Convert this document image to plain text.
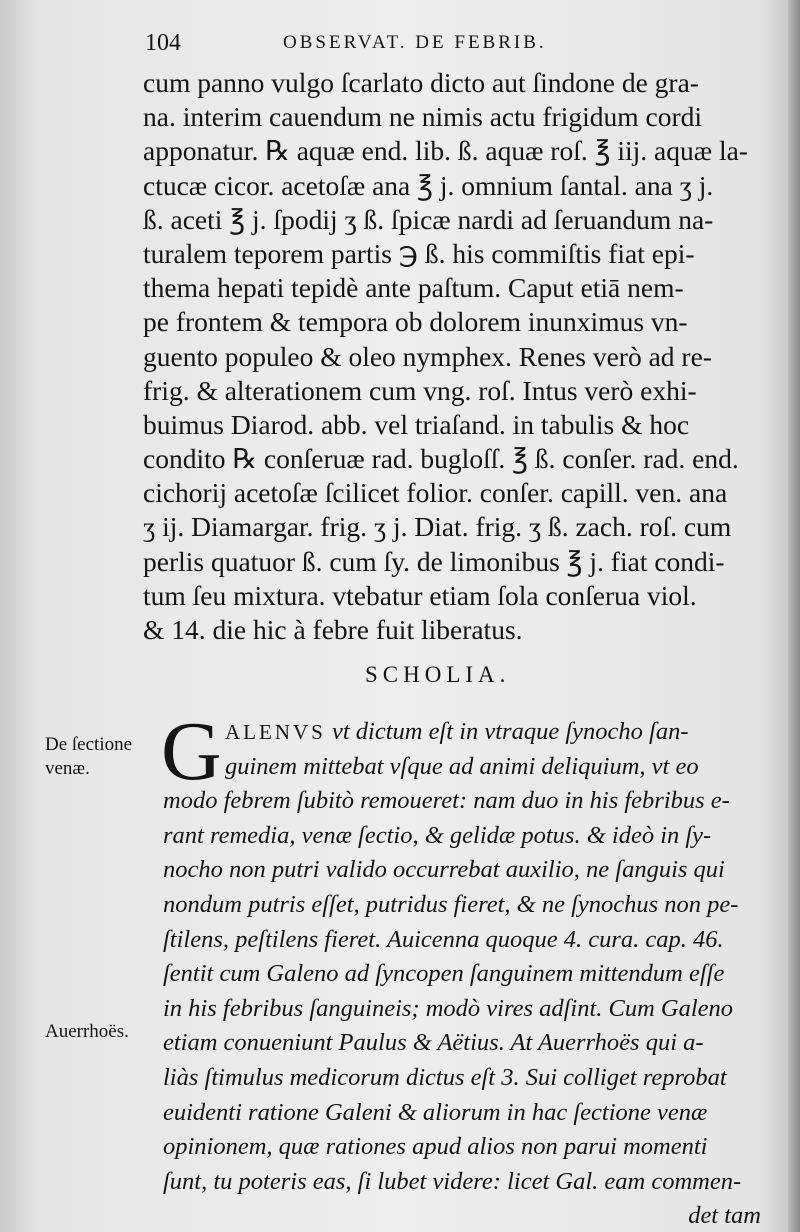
104	OBSERVAT. DE FEBRIB.
cum panno vulgo ſcarlato dicto aut ſindone de gra-
na. interim cauendum ne nimis actu frigidum cordi
apponatur. ℞ aquæ end. lib. ß. aquæ roſ. ℥ iij. aquæ la-
ctucæ cicor. acetoſæ ana ℥ j. omnium ſantal. ana ʒ j.
ß. aceti ℥ j. ſpodij ʒ ß. ſpicæ nardi ad ſeruandum na-
turalem teporem partis ℈ ß. his commiſtis fiat epi-
thema hepati tepidè ante paſtum. Caput etiā nem-
pe frontem & tempora ob dolorem inunximus vn-
guento populeo & oleo nymphex. Renes verò ad re-
frig. & alterationem cum vng. roſ. Intus verò exhi-
buimus Diarod. abb. vel triaſand. in tabulis & hoc
condito ℞ conſeruæ rad. bugloſſ. ℥ ß. conſer. rad. end.
cichorij acetoſæ ſcilicet folior. conſer. capill. ven. ana
ʒ ij. Diamargar. frig. ʒ j. Diat. frig. ʒ ß. zach. roſ. cum
perlis quatuor ß. cum ſy. de limonibus ℥ j. fiat condi-
tum ſeu mixtura. vtebatur etiam ſola conſerua viol.
& 14. die hic à febre fuit liberatus.
SCHOLIA.
De ſectione
venæ.
Auerrhoës.
G ALENVS vt dictum eſt in vtraque ſynocho ſan-
guinem mittebat vſque ad animi deliquium, vt eo
modo febrem ſubitò remoueret: nam duo in his febribus e-
rant remedia, venæ ſectio, & gelidæ potus. & ideò in ſy-
nocho non putri valido occurrebat auxilio, ne ſanguis qui
nondum putris eſſet, putridus fieret, & ne ſynochus non pe-
ſtilens, peſtilens fieret. Auicenna quoque 4. cura. cap. 46.
ſentit cum Galeno ad ſyncopen ſanguinem mittendum eſſe
in his febribus ſanguineis; modò vires adſint. Cum Galeno
etiam conueniunt Paulus & Aëtius. At Auerrhoës qui a-
liàs ſtimulus medicorum dictus eſt 3. Sui colliget reprobat
euidenti ratione Galeni & aliorum in hac ſectione venæ
opinionem, quæ rationes apud alios non parui momenti
ſunt, tu poteris eas, ſi lubet videre: licet Gal. eam commen-
det tam
